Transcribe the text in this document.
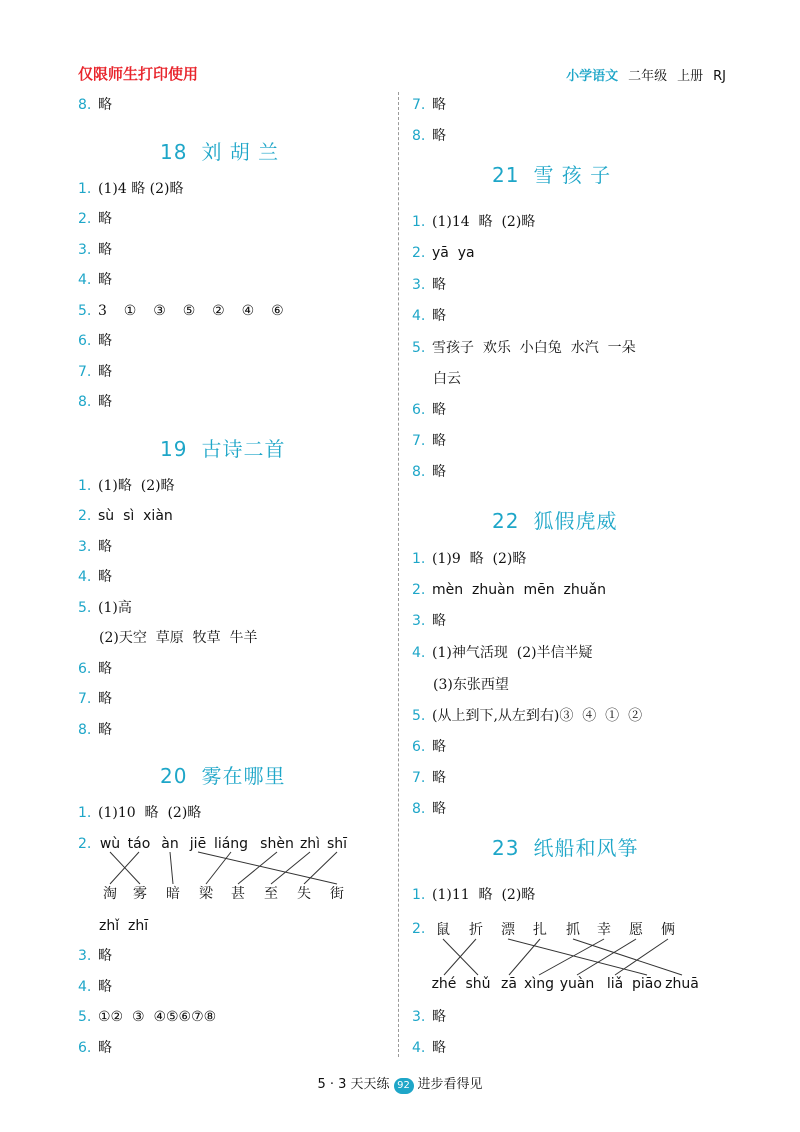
仅限师生打印使用	小学语文 二年级 上册 RJ
8. 略
18 刘 胡 兰
1. (1)4 略 (2)略
2. 略
3. 略
4. 略
5. 3  ①  ③  ⑤  ②  ④  ⑥
6. 略
7. 略
8. 略
19 古诗二首
1. (1)略  (2)略
2. sù  sì  xiàn
3. 略
4. 略
5. (1)高
(2)天空  草原  牧草  牛羊
6. 略
7. 略
8. 略
20 雾在哪里
1. (1)10  略  (2)略
2. wù táo àn jiē liáng shèn zhì shī
淘 雾 暗 梁 甚 至 失 街
zhǐ  zhī
3. 略
4. 略
5. ①②  ③  ④⑤⑥⑦⑧
6. 略
7. 略
8. 略
21 雪 孩 子
1. (1)14  略  (2)略
2. yā  ya
3. 略
4. 略
5. 雪孩子  欢乐  小白兔  水汽  一朵
白云
6. 略
7. 略
8. 略
22 狐假虎威
1. (1)9  略  (2)略
2. mèn  zhuàn  mēn  zhuǎn
3. 略
4. (1)神气活现  (2)半信半疑
(3)东张西望
5. (从上到下,从左到右)③  ④  ①  ②
6. 略
7. 略
8. 略
23 纸船和风筝
1. (1)11  略  (2)略
2. 鼠 折 漂 扎 抓 幸 愿 俩
zhé shǔ zā xìng yuàn liǎ piāo zhuā
3. 略
4. 略
5 · 3 天天练 92 进步看得见
